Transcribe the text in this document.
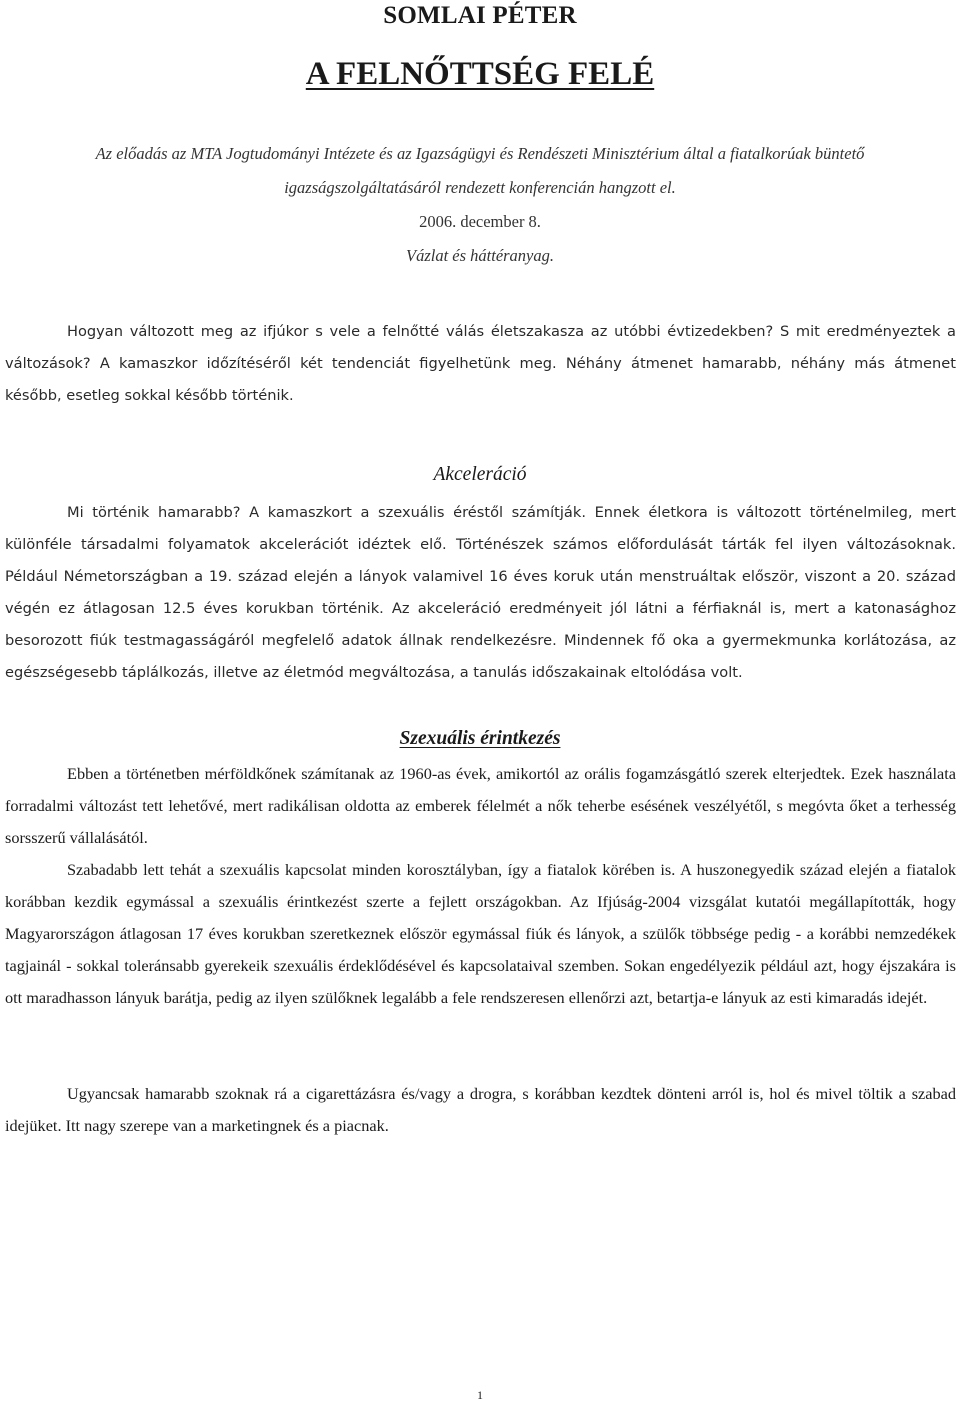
SOMLAI PÉTER
A FELNŐTTSÉG FELÉ
Az előadás az MTA Jogtudományi Intézete és az Igazságügyi és Rendészeti Minisztérium által a fiatalkorúak büntető
igazságszolgáltatásáról rendezett konferencián hangzott el.
2006. december 8.
Vázlat és háttéranyag.

Hogyan változott meg az ifjúkor s vele a felnőtté válás életszakasza az utóbbi évtizedekben? S mit eredményeztek a változások? A kamaszkor időzítéséről két tendenciát figyelhetünk meg. Néhány átmenet hamarabb, néhány más átmenet később, esetleg sokkal később történik.

Akceleráció

Mi történik hamarabb? A kamaszkort a szexuális éréstől számítják. Ennek életkora is változott történelmileg, mert különféle társadalmi folyamatok akcelerációt idéztek elő. Történészek számos előfordulását tárták fel ilyen változásoknak. Például Németországban a 19. század elején a lányok valamivel 16 éves koruk után menstruáltak először, viszont a 20. század végén ez átlagosan 12.5 éves korukban történik. Az akceleráció eredményeit jól látni a férfiaknál is, mert a katonasághoz besorozott fiúk testmagasságáról megfelelő adatok állnak rendelkezésre. Mindennek fő oka a gyermekmunka korlátozása, az egészségesebb táplálkozás, illetve az életmód megváltozása, a tanulás időszakainak eltolódása volt.

Szexuális érintkezés

Ebben a történetben mérföldkőnek számítanak az 1960-as évek, amikortól az orális fogamzásgátló szerek elterjedtek. Ezek használata forradalmi változást tett lehetővé, mert radikálisan oldotta az emberek félelmét a nők teherbe esésének veszélyétől, s megóvta őket a terhesség sorsszerű vállalásától.

Szabadabb lett tehát a szexuális kapcsolat minden korosztályban, így a fiatalok körében is. A huszonegyedik század elején a fiatalok korábban kezdik egymással a szexuális érintkezést szerte a fejlett országokban. Az Ifjúság-2004 vizsgálat kutatói megállapították, hogy Magyarországon átlagosan 17 éves korukban szeretkeznek először egymással fiúk és lányok, a szülők többsége pedig - a korábbi nemzedékek tagjainál - sokkal toleránsabb gyerekeik szexuális érdeklődésével és kapcsolataival szemben. Sokan engedélyezik például azt, hogy éjszakára is ott maradhasson lányuk barátja, pedig az ilyen szülőknek legalább a fele rendszeresen ellenőrzi azt, betartja-e lányuk az esti kimaradás idejét.

Ugyancsak hamarabb szoknak rá a cigarettázásra és/vagy a drogra, s korábban kezdtek dönteni arról is, hol és mivel töltik a szabad idejüket. Itt nagy szerepe van a marketingnek és a piacnak.

1
